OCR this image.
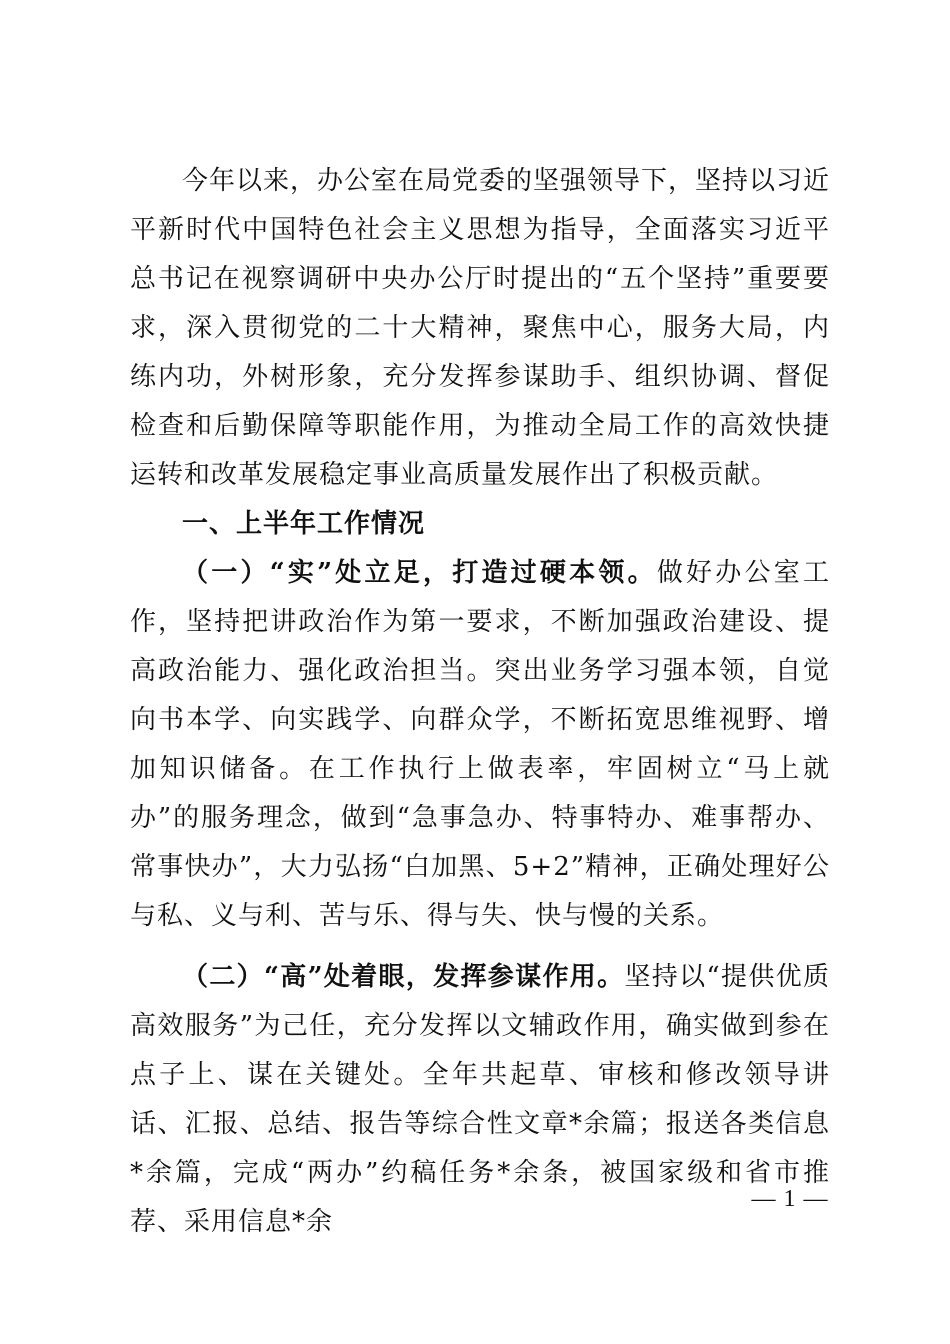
今年以来，办公室在局党委的坚强领导下，坚持以习近平新时代中国特色社会主义思想为指导，全面落实习近平总书记在视察调研中央办公厅时提出的“五个坚持”重要要求，深入贯彻党的二十大精神，聚焦中心，服务大局，内练内功，外树形象，充分发挥参谋助手、组织协调、督促检查和后勤保障等职能作用，为推动全局工作的高效快捷运转和改革发展稳定事业高质量发展作出了积极贡献。

一、上半年工作情况

（一）“实”处立足，打造过硬本领。做好办公室工作，坚持把讲政治作为第一要求，不断加强政治建设、提高政治能力、强化政治担当。突出业务学习强本领，自觉向书本学、向实践学、向群众学，不断拓宽思维视野、增加知识储备。在工作执行上做表率，牢固树立“马上就办”的服务理念，做到“急事急办、特事特办、难事帮办、常事快办”，大力弘扬“白加黑、5+2”精神，正确处理好公与私、义与利、苦与乐、得与失、快与慢的关系。

（二）“高”处着眼，发挥参谋作用。坚持以“提供优质高效服务”为己任，充分发挥以文辅政作用，确实做到参在点子上、谋在关键处。全年共起草、审核和修改领导讲话、汇报、总结、报告等综合性文章*余篇；报送各类信息*余篇，完成“两办”约稿任务*余条，被国家级和省市推荐、采用信息*余

— 1 —
